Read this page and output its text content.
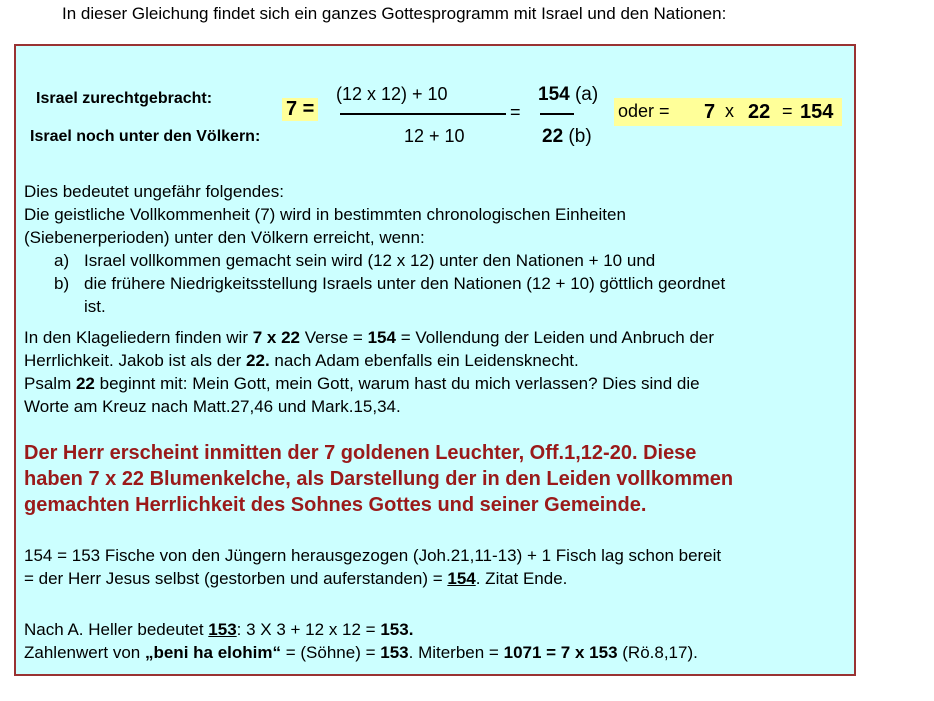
In dieser Gleichung findet sich ein ganzes Gottesprogramm mit Israel und den Nationen:
Israel zurechtgebracht:
Israel noch unter den Völkern:
7 =
(12 x 12) + 10
12 + 10
=
154 (a)
22 (b)
oder = 7 x 22 = 154
Dies bedeutet ungefähr folgendes:
Die geistliche Vollkommenheit (7) wird in bestimmten chronologischen Einheiten
(Siebenerperioden) unter den Völkern erreicht, wenn:
a) Israel vollkommen gemacht sein wird (12 x 12) unter den Nationen + 10 und
b) die frühere Niedrigkeitsstellung Israels unter den Nationen (12 + 10) göttlich geordnet
ist.
In den Klageliedern finden wir 7 x 22 Verse = 154 = Vollendung der Leiden und Anbruch der
Herrlichkeit. Jakob ist als der 22. nach Adam ebenfalls ein Leidensknecht.
Psalm 22 beginnt mit: Mein Gott, mein Gott, warum hast du mich verlassen? Dies sind die
Worte am Kreuz nach Matt.27,46 und Mark.15,34.
Der Herr erscheint inmitten der 7 goldenen Leuchter, Off.1,12-20. Diese
haben 7 x 22 Blumenkelche, als Darstellung der in den Leiden vollkommen
gemachten Herrlichkeit des Sohnes Gottes und seiner Gemeinde.
154 = 153 Fische von den Jüngern herausgezogen (Joh.21,11-13) + 1 Fisch lag schon bereit
= der Herr Jesus selbst (gestorben und auferstanden) = 154. Zitat Ende.
Nach A. Heller bedeutet 153: 3 X 3 + 12 x 12 = 153.
Zahlenwert von „beni ha elohim“ = (Söhne) = 153. Miterben = 1071 = 7 x 153 (Rö.8,17).
